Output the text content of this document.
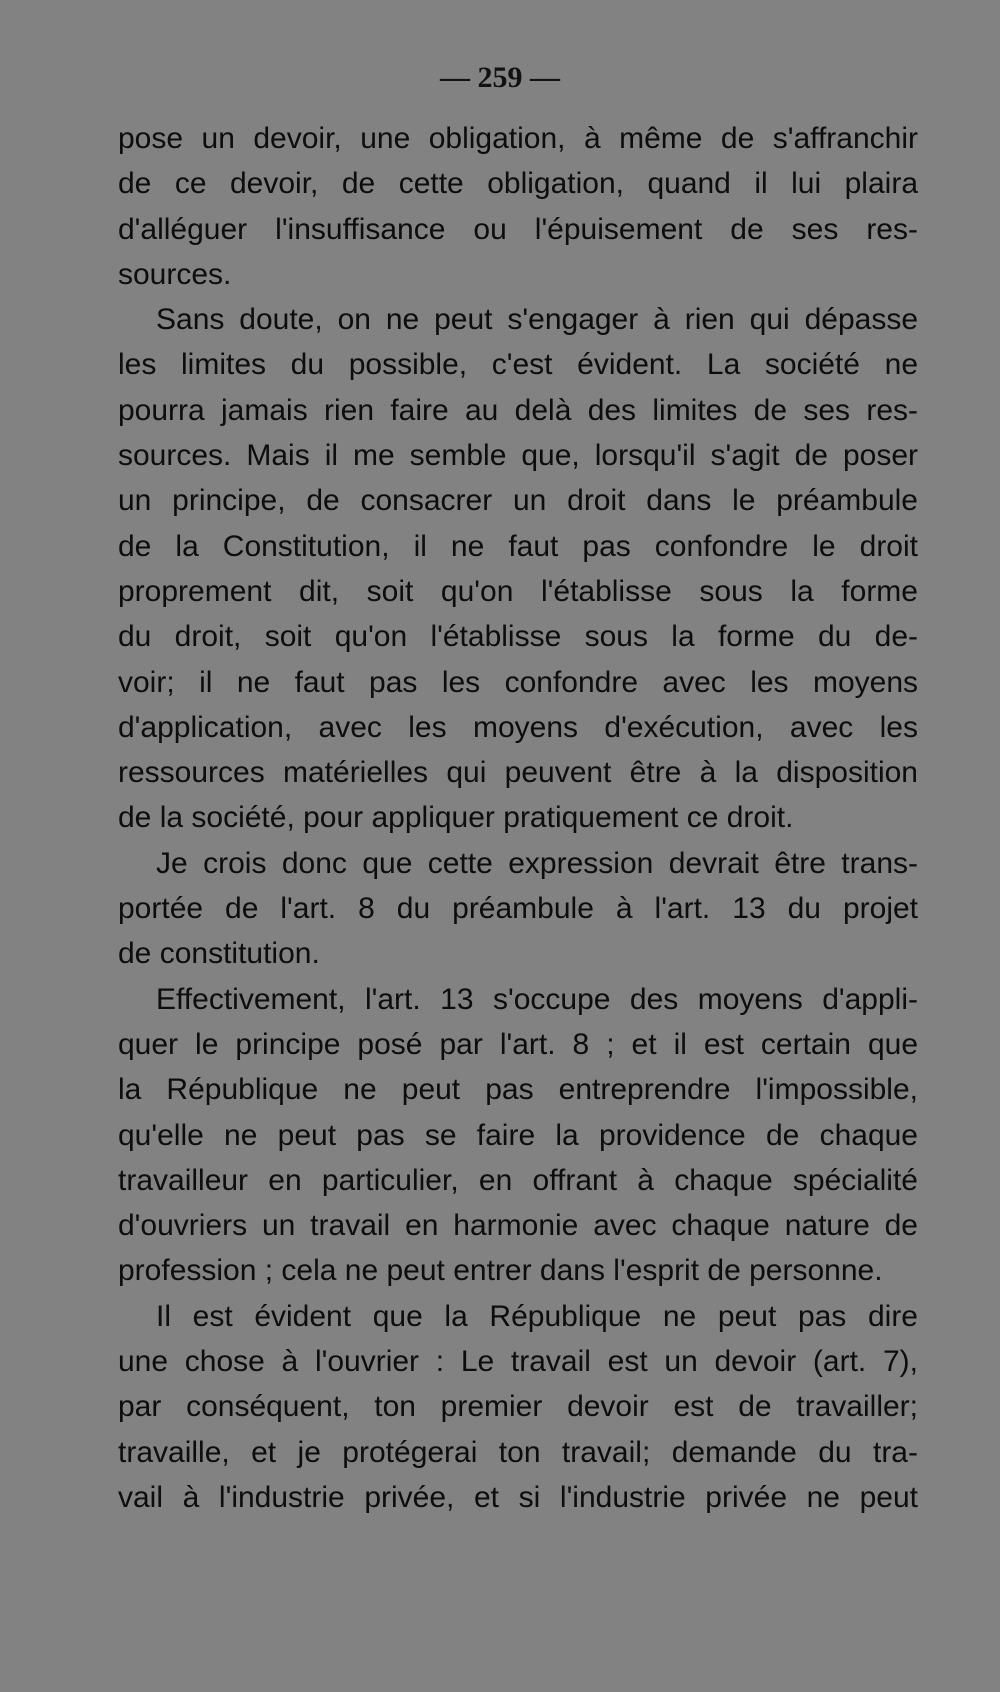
— 259 —
pose un devoir, une obligation, à même de s'affranchir
de ce devoir, de cette obligation, quand il lui plaira
d'alléguer l'insuffisance ou l'épuisement de ses res-
sources.
Sans doute, on ne peut s'engager à rien qui dépasse
les limites du possible, c'est évident. La société ne
pourra jamais rien faire au delà des limites de ses res-
sources. Mais il me semble que, lorsqu'il s'agit de poser
un principe, de consacrer un droit dans le préambule
de la Constitution, il ne faut pas confondre le droit
proprement dit, soit qu'on l'établisse sous la forme
du droit, soit qu'on l'établisse sous la forme du de-
voir; il ne faut pas les confondre avec les moyens
d'application, avec les moyens d'exécution, avec les
ressources matérielles qui peuvent être à la disposition
de la société, pour appliquer pratiquement ce droit.
Je crois donc que cette expression devrait être trans-
portée de l'art. 8 du préambule à l'art. 13 du projet
de constitution.
Effectivement, l'art. 13 s'occupe des moyens d'appli-
quer le principe posé par l'art. 8 ; et il est certain que
la République ne peut pas entreprendre l'impossible,
qu'elle ne peut pas se faire la providence de chaque
travailleur en particulier, en offrant à chaque spécialité
d'ouvriers un travail en harmonie avec chaque nature de
profession ; cela ne peut entrer dans l'esprit de personne.
Il est évident que la République ne peut pas dire
une chose à l'ouvrier : Le travail est un devoir (art. 7),
par conséquent, ton premier devoir est de travailler;
travaille, et je protégerai ton travail; demande du tra-
vail à l'industrie privée, et si l'industrie privée ne peut
